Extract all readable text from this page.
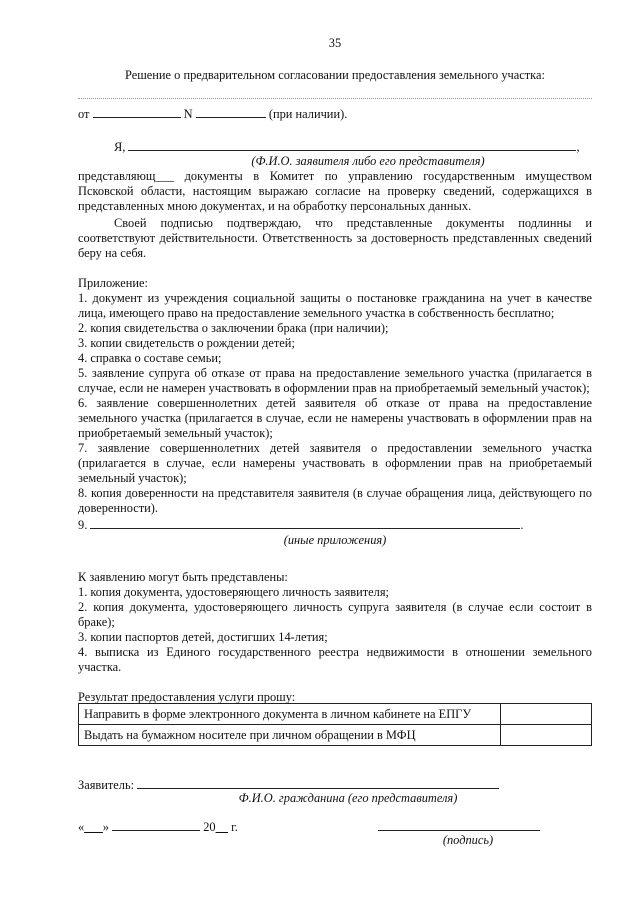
35
Решение о предварительном согласовании предоставления земельного участка:
от	N	(при наличии).
Я,	,
(Ф.И.О. заявителя либо его представителя)

представляющ___ документы в Комитет по управлению государственным имуществом Псковской области, настоящим выражаю согласие на проверку сведений, содержащихся в представленных мною документах, и на обработку персональных данных.

Своей подписью подтверждаю, что представленные документы подлинны и соответствуют действительности. Ответственность за достоверность представленных сведений беру на себя.

Приложение:

1. документ из учреждения социальной защиты о постановке гражданина на учет в качестве лица, имеющего право на предоставление земельного участка в собственность бесплатно;

2. копия свидетельства о заключении брака (при наличии);

3. копии свидетельств о рождении детей;

4. справка о составе семьи;

5. заявление супруга об отказе от права на предоставление земельного участка (прилагается в случае, если не намерен участвовать в оформлении прав на приобретаемый земельный участок);

6. заявление совершеннолетних детей заявителя об отказе от права на предоставление земельного участка (прилагается в случае, если не намерены участвовать в оформлении прав на приобретаемый земельный участок);

7. заявление совершеннолетних детей заявителя о предоставлении земельного участка (прилагается в случае, если намерены участвовать в оформлении прав на приобретаемый земельный участок);

8. копия доверенности на представителя заявителя (в случае обращения лица, действующего по доверенности).

9.	.
(иные приложения)
К заявлению могут быть представлены:

1. копия документа, удостоверяющего личность заявителя;

2. копия документа, удостоверяющего личность супруга заявителя (в случае если состоит в браке);

3. копии паспортов детей, достигших 14-летия;

4. выписка из Единого государственного реестра недвижимости в отношении земельного участка.

Результат предоставления услуги прошу:
Направить в форме электронного документа в личном кабинете на ЕПГУ	
Выдать на бумажном носителе при личном обращении в МФЦ	
Заявитель:
Ф.И.О. гражданина (его представителя)
«___»	20__ г.
(подпись)
